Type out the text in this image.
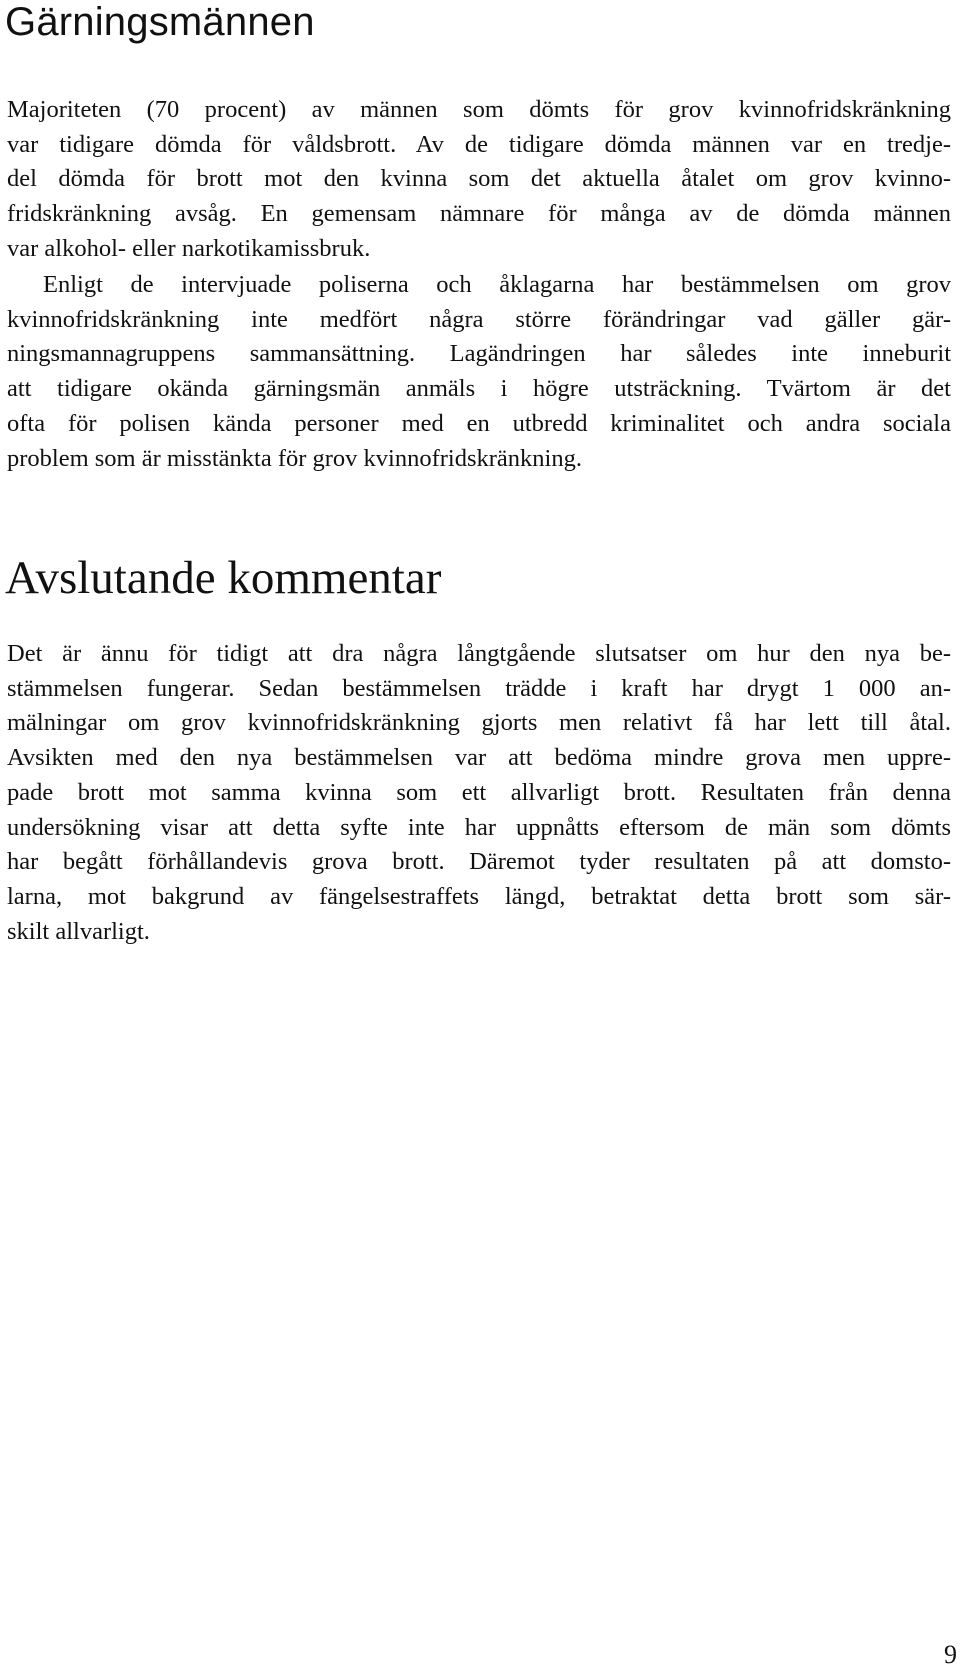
Gärningsmännen
Majoriteten (70 procent) av männen som dömts för grov kvinnofridskränkning
var tidigare dömda för våldsbrott. Av de tidigare dömda männen var en tredje-
del dömda för brott mot den kvinna som det aktuella åtalet om grov kvinno-
fridskränkning avsåg. En gemensam nämnare för många av de dömda männen
var alkohol- eller narkotikamissbruk.
Enligt de intervjuade poliserna och åklagarna har bestämmelsen om grov
kvinnofridskränkning inte medfört några större förändringar vad gäller gär-
ningsmannagruppens sammansättning. Lagändringen har således inte inneburit
att tidigare okända gärningsmän anmäls i högre utsträckning. Tvärtom är det
ofta för polisen kända personer med en utbredd kriminalitet och andra sociala
problem som är misstänkta för grov kvinnofridskränkning.
Avslutande kommentar
Det är ännu för tidigt att dra några långtgående slutsatser om hur den nya be-
stämmelsen fungerar. Sedan bestämmelsen trädde i kraft har drygt 1 000 an-
mälningar om grov kvinnofridskränkning gjorts men relativt få har lett till åtal.
Avsikten med den nya bestämmelsen var att bedöma mindre grova men uppre-
pade brott mot samma kvinna som ett allvarligt brott. Resultaten från denna
undersökning visar att detta syfte inte har uppnåtts eftersom de män som dömts
har begått förhållandevis grova brott. Däremot tyder resultaten på att domsto-
larna, mot bakgrund av fängelsestraffets längd, betraktat detta brott som sär-
skilt allvarligt.

9
